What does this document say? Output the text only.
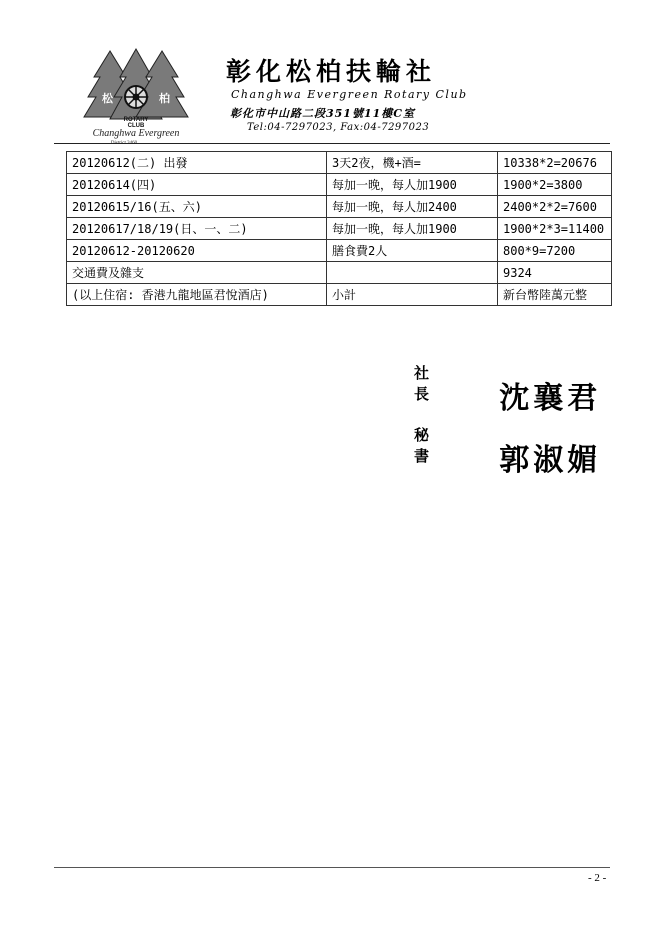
松	柏
ROTARY
CLUB
Changhwa Evergreen
District 3460
彰化松柏扶輪社
Changhwa Evergreen Rotary Club
彰化市中山路二段351號11樓C室
Tel:04-7297023, Fax:04-7297023
20120612(二) 出發	3天2夜，機+酒=	10338*2=20676
20120614(四)	每加一晚，每人加1900	1900*2=3800
20120615/16(五、六)	每加一晚，每人加2400	2400*2*2=7600
20120617/18/19(日、一、二)	每加一晚，每人加1900	1900*2*3=11400
20120612-20120620	膳食費2人	800*9=7200
交通費及雜支		9324
(以上住宿: 香港九龍地區君悅酒店)	小計	新台幣陸萬元整
社長 沈襄君
秘書 郭淑媚
- 2 -
